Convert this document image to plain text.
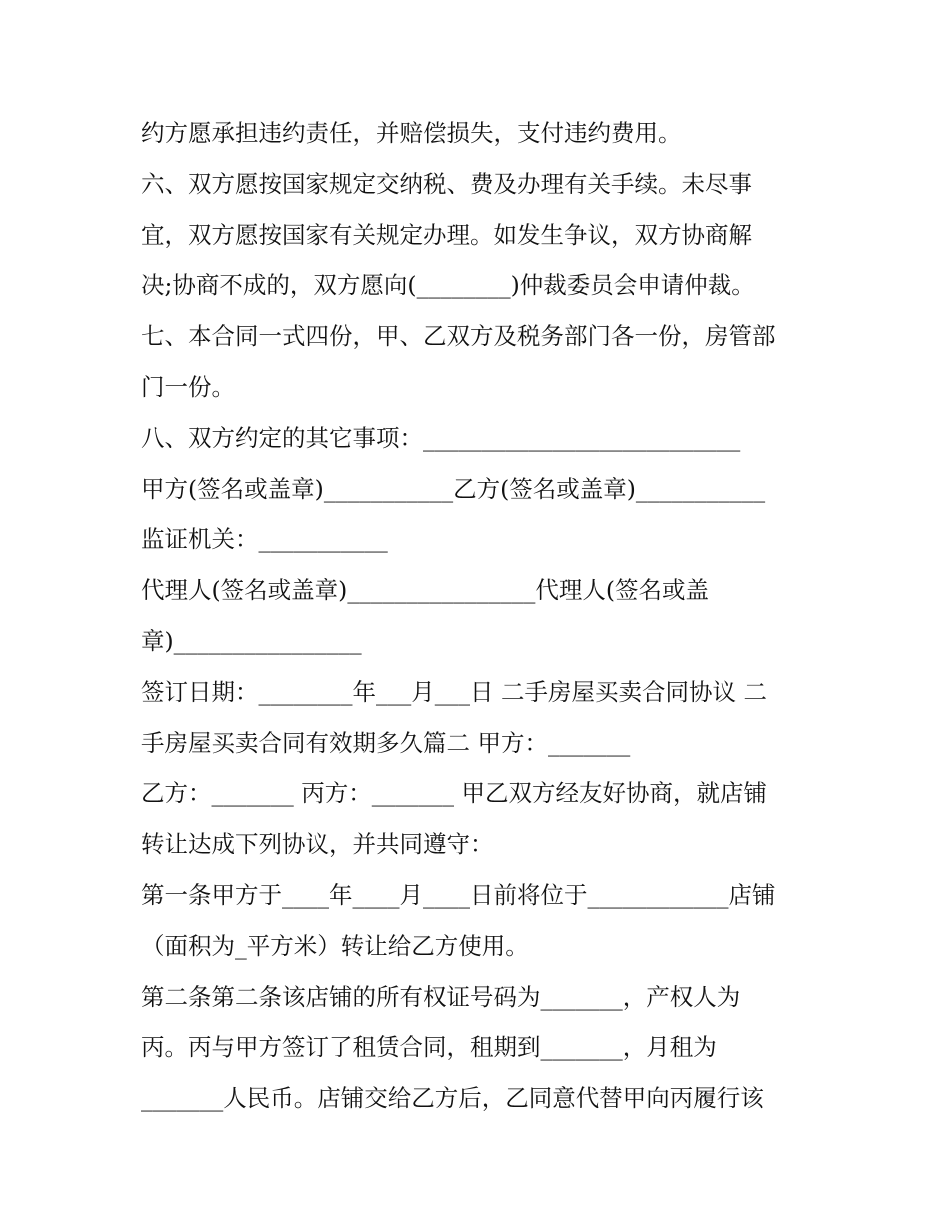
约方愿承担违约责任，并赔偿损失，支付违约费用。
六、双方愿按国家规定交纳税、费及办理有关手续。未尽事
宜，双方愿按国家有关规定办理。如发生争议，双方协商解
决;协商不成的，双方愿向(________)仲裁委员会申请仲裁。
七、本合同一式四份，甲、乙双方及税务部门各一份，房管部
门一份。
八、双方约定的其它事项：___________________________
甲方(签名或盖章)___________乙方(签名或盖章)___________
监证机关：___________
代理人(签名或盖章)________________代理人(签名或盖
章)________________
签订日期：________年___月___日 二手房屋买卖合同协议 二
手房屋买卖合同有效期多久篇二 甲方：_______
乙方：_______ 丙方：_______ 甲乙双方经友好协商，就店铺
转让达成下列协议，并共同遵守：
第一条甲方于____年____月____日前将位于____________店铺
（面积为_平方米）转让给乙方使用。
第二条第二条该店铺的所有权证号码为_______，产权人为
丙。丙与甲方签订了租赁合同，租期到_______，月租为
_______人民币。店铺交给乙方后，乙同意代替甲向丙履行该
